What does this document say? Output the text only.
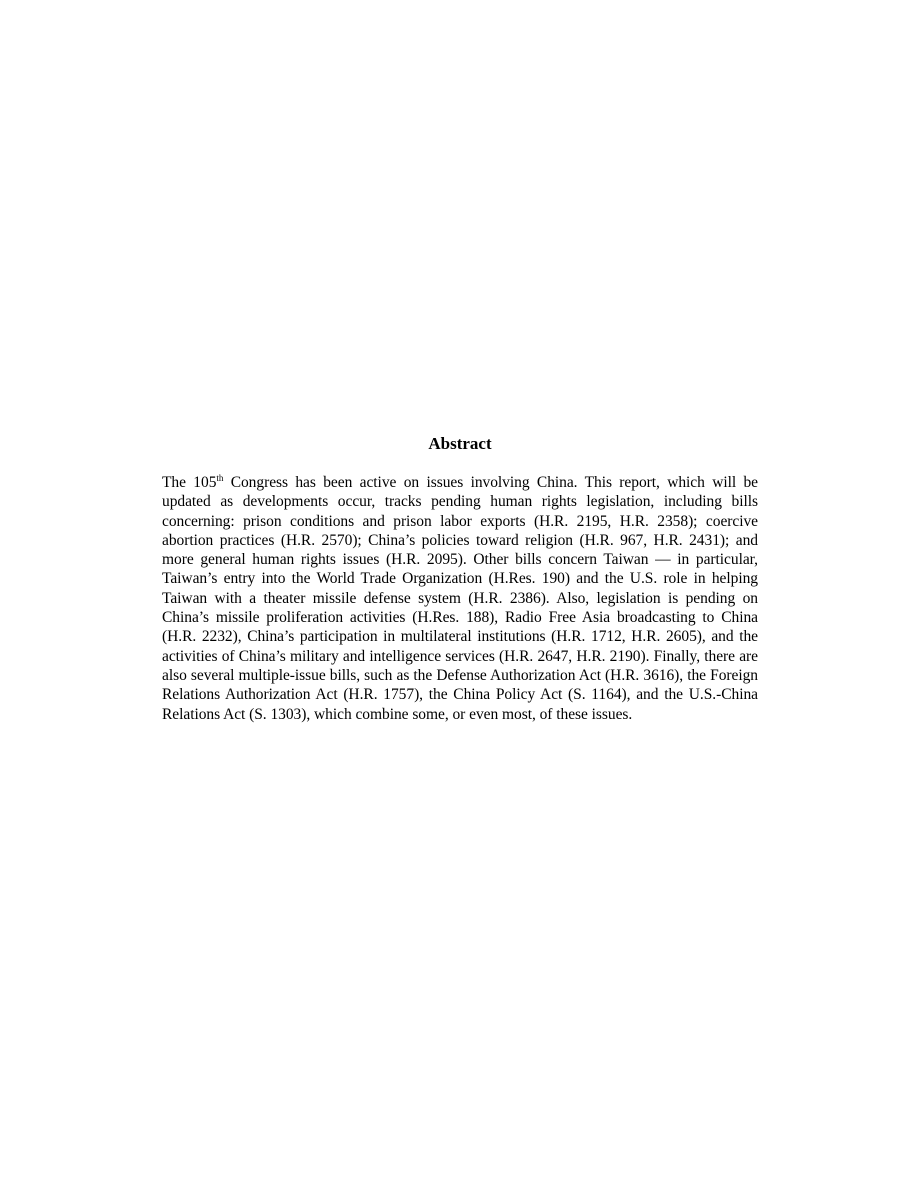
Abstract

The 105th Congress has been active on issues involving China. This report, which will be updated as developments occur, tracks pending human rights legislation, including bills concerning: prison conditions and prison labor exports (H.R. 2195, H.R. 2358); coercive abortion practices (H.R. 2570); China’s policies toward religion (H.R. 967, H.R. 2431); and more general human rights issues (H.R. 2095). Other bills concern Taiwan — in particular, Taiwan’s entry into the World Trade Organization (H.Res. 190) and the U.S. role in helping Taiwan with a theater missile defense system (H.R. 2386). Also, legislation is pending on China’s missile proliferation activities (H.Res. 188), Radio Free Asia broadcasting to China (H.R. 2232), China’s participation in multilateral institutions (H.R. 1712, H.R. 2605), and the activities of China’s military and intelligence services (H.R. 2647, H.R. 2190). Finally, there are also several multiple-issue bills, such as the Defense Authorization Act (H.R. 3616), the Foreign Relations Authorization Act (H.R. 1757), the China Policy Act (S. 1164), and the U.S.-China Relations Act (S. 1303), which combine some, or even most, of these issues.
